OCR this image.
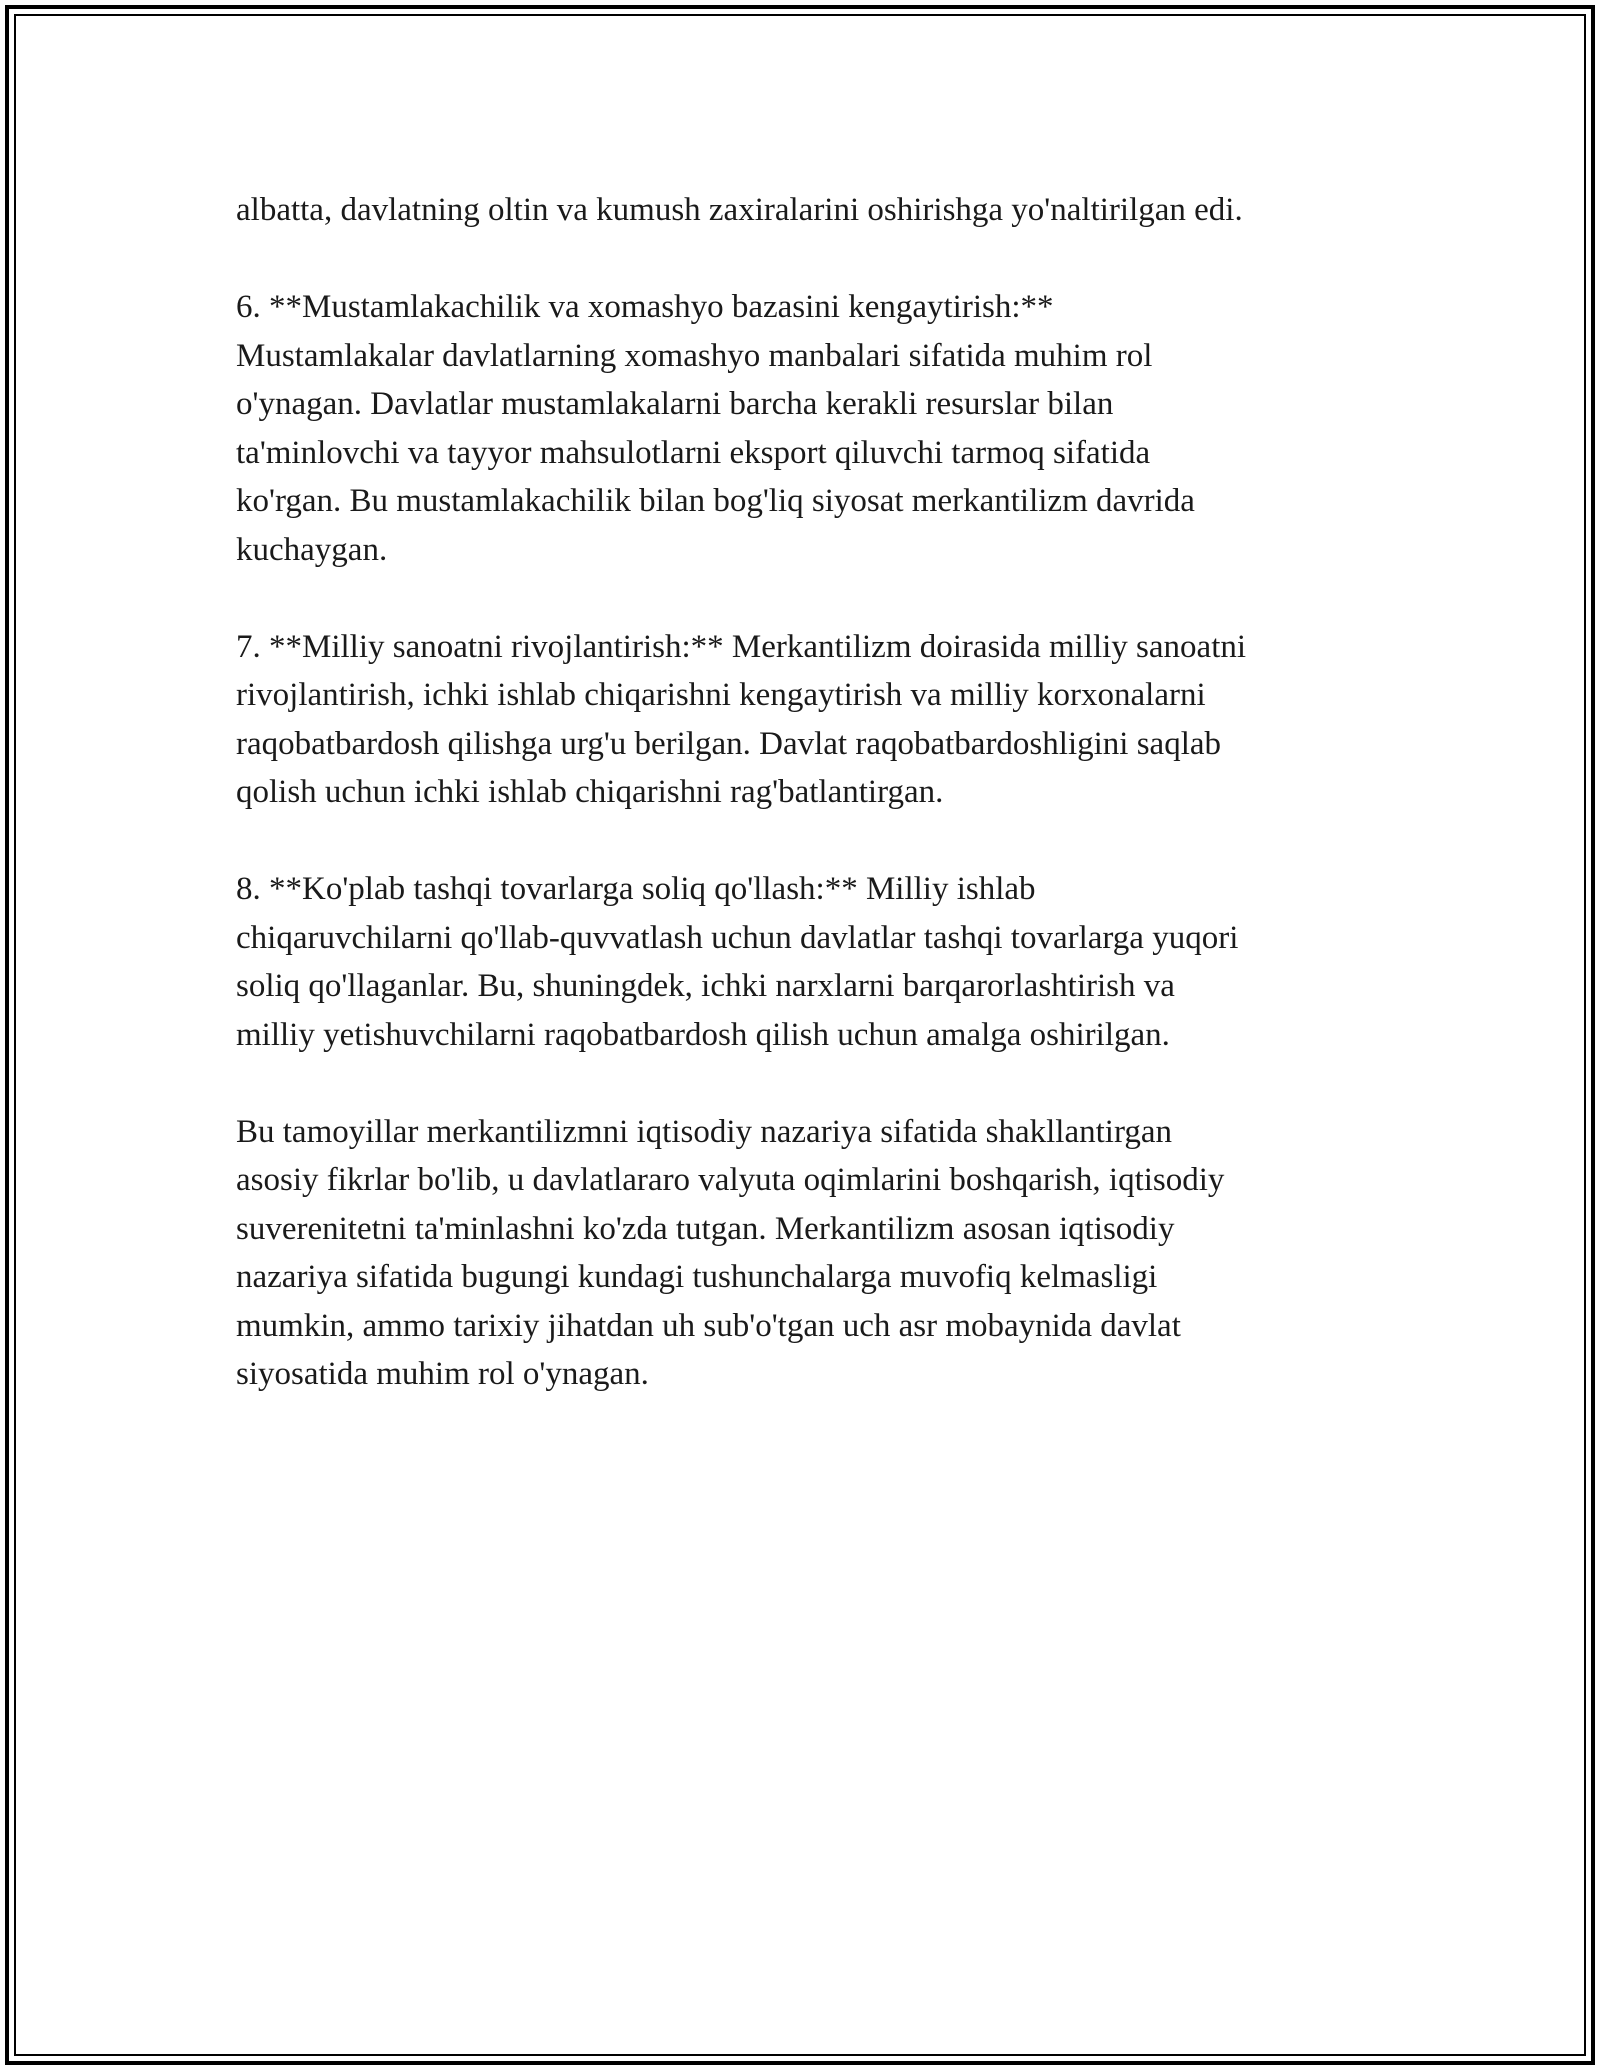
albatta, davlatning oltin va kumush zaxiralarini oshirishga yo'naltirilgan edi.

6. **Mustamlakachilik va xomashyo bazasini kengaytirish:**
Mustamlakalar davlatlarning xomashyo manbalari sifatida muhim rol
o'ynagan. Davlatlar mustamlakalarni barcha kerakli resurslar bilan
ta'minlovchi va tayyor mahsulotlarni eksport qiluvchi tarmoq sifatida
ko'rgan. Bu mustamlakachilik bilan bog'liq siyosat merkantilizm davrida
kuchaygan.

7. **Milliy sanoatni rivojlantirish:** Merkantilizm doirasida milliy sanoatni
rivojlantirish, ichki ishlab chiqarishni kengaytirish va milliy korxonalarni
raqobatbardosh qilishga urg'u berilgan. Davlat raqobatbardoshligini saqlab
qolish uchun ichki ishlab chiqarishni rag'batlantirgan.

8. **Ko'plab tashqi tovarlarga soliq qo'llash:** Milliy ishlab
chiqaruvchilarni qo'llab-quvvatlash uchun davlatlar tashqi tovarlarga yuqori
soliq qo'llaganlar. Bu, shuningdek, ichki narxlarni barqarorlashtirish va
milliy yetishuvchilarni raqobatbardosh qilish uchun amalga oshirilgan.

Bu tamoyillar merkantilizmni iqtisodiy nazariya sifatida shakllantirgan
asosiy fikrlar bo'lib, u davlatlararo valyuta oqimlarini boshqarish, iqtisodiy
suverenitetni ta'minlashni ko'zda tutgan. Merkantilizm asosan iqtisodiy
nazariya sifatida bugungi kundagi tushunchalarga muvofiq kelmasligi
mumkin, ammo tarixiy jihatdan uh sub'o'tgan uch asr mobaynida davlat
siyosatida muhim rol o'ynagan.
